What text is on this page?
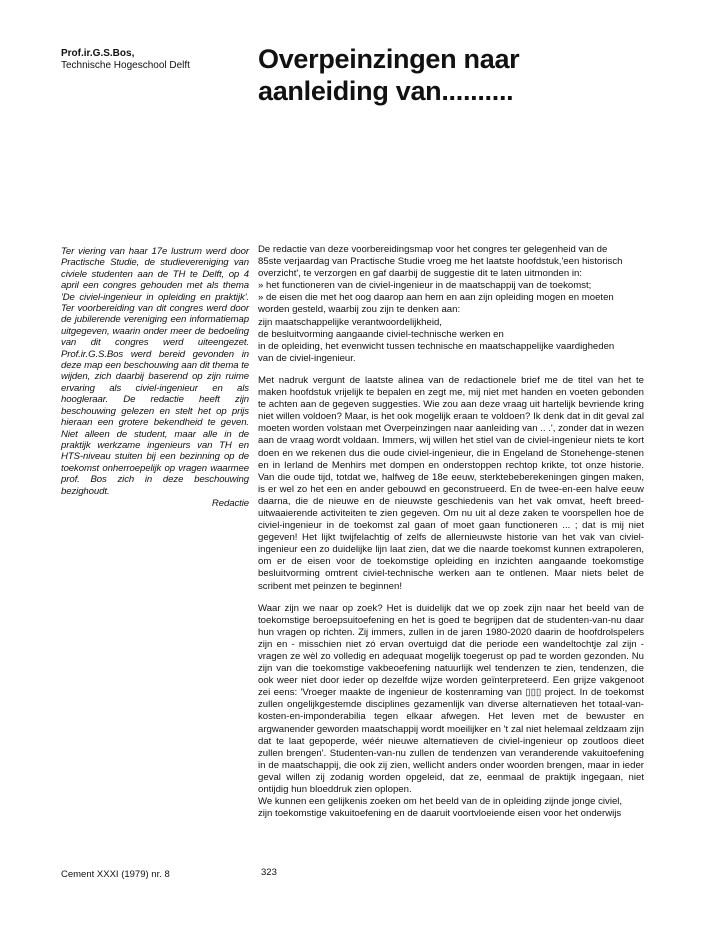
Prof.ir.G.S.Bos,
Technische Hogeschool Delft	Overpeinzingen naar
aanleiding van..........
Ter viering van haar 17e lustrum werd door Practische Studie, de studievereniging van civiele studenten aan de TH te Delft, op 4 april een congres gehouden met als thema 'De civiel-ingenieur in opleiding en praktijk'. Ter voorbereiding van dit congres werd door de jubilerende vereniging een informatiemap uitgegeven, waarin onder meer de bedoeling van dit congres werd uiteengezet. Prof.ir.G.S.Bos werd bereid gevonden in deze map een beschouwing aan dit thema te wijden, zich daarbij baserend op zijn ruime ervaring als civiel-ingenieur en als hoogleraar. De redactie heeft zijn beschouwing gelezen en stelt het op prijs hieraan een grotere bekendheid te geven. Niet alleen de student, maar alle in de praktijk werkzame ingenieurs van TH en HTS-niveau stuiten bij een bezinning op de toekomst onherroepelijk op vragen waarmee prof. Bos zich in deze beschouwing bezighoudt.
Redactie

De redactie van deze voorbereidingsmap voor het congres ter gelegenheid van de
85ste verjaardag van Practische Studie vroeg me het laatste hoofdstuk,'een historisch
overzicht', te verzorgen en gaf daarbij de suggestie dit te laten uitmonden in:
» het functioneren van de civiel-ingenieur in de maatschappij van de toekomst;
» de eisen die met het oog daarop aan hem en aan zijn opleiding mogen en moeten
worden gesteld, waarbij zou zijn te denken aan:
zijn maatschappelijke verantwoordelijkheid,
de besluitvorming aangaande civiel-technische werken en
in de opleiding, het evenwicht tussen technische en maatschappelijke vaardigheden
van de civiel-ingenieur.

Met nadruk vergunt de laatste alinea van de redactionele brief me de titel van het te maken hoofdstuk vrijelijk te bepalen en zegt me, mij niet met handen en voeten gebonden te achten aan de gegeven suggesties. Wie zou aan deze vraag uit hartelijk bevriende kring niet willen voldoen? Maar, is het ook mogelijk eraan te voldoen? Ik denk dat in dit geval zal moeten worden volstaan met Overpeinzingen naar aanleiding van .. .', zonder dat in wezen aan de vraag wordt voldaan. Immers, wij willen het stiel van de civiel-ingenieur niets te kort doen en we rekenen dus die oude civiel-ingenieur, die in Engeland de Stonehenge-stenen en in Ierland de Menhirs met dompen en onderstoppen rechtop krikte, tot onze historie. Van die oude tijd, totdat we, halfweg de 18e eeuw, sterktebeberekeningen gingen maken, is er wel zo het een en ander gebouwd en geconstrueerd. En de twee-en-een halve eeuw daarna, die de nieuwe en de nieuwste geschiedenis van het vak omvat, heeft breed-uitwaaierende activiteiten te zien gegeven. Om nu uit al deze zaken te voorspellen hoe de civiel-ingenieur in de toekomst zal gaan of moet gaan functioneren ... ; dat is mij niet gegeven! Het lijkt twijfelachtig of zelfs de allernieuwste historie van het vak van civiel-ingenieur een zo duidelijke lijn laat zien, dat we die naarde toekomst kunnen extrapoleren, om er de eisen voor de toekomstige opleiding en inzichten aangaande toekomstige besluitvorming omtrent civiel-technische werken aan te ontlenen. Maar niets belet de scribent met peinzen te beginnen!

Waar zijn we naar op zoek? Het is duidelijk dat we op zoek zijn naar het beeld van de toekomstige beroepsuitoefening en het is goed te begrijpen dat de studenten-van-nu daar hun vragen op richten. Zij immers, zullen in de jaren 1980-2020 daarin de hoofdrolspelers zijn en - misschien niet zó ervan overtuigd dat die periode een wandeltochtje zal zijn - vragen ze wèl zo volledig en adequaat mogelijk toegerust op pad te worden gezonden. Nu zijn van die toekomstige vakbeoefening natuurlijk wel tendenzen te zien, tendenzen, die ook weer niet door ieder op dezelfde wijze worden geïnterpreteerd. Een grijze vakgenoot zei eens: 'Vroeger maakte de ingenieur de kostenraming van ▯▯▯ project. In de toekomst zullen ongelijkgestemde disciplines gezamenlijk van diverse alternatieven het totaal-van-kosten-en-imponderabilia tegen elkaar afwegen. Het leven met de bewuster en argwanender geworden maatschappij wordt moeilijker en 't zal niet helemaal zeldzaam zijn dat te laat gepoperde, wéér nieuwe alternatieven de civiel-ingenieur op zoutloos dieet zullen brengen'. Studenten-van-nu zullen de tendenzen van veranderende vakuitoefening in de maatschappij, die ook zij zien, wellicht anders onder woorden brengen, maar in ieder geval willen zij zodanig worden opgeleid, dat ze, eenmaal de praktijk ingegaan, niet ontijdig hun bloeddruk zien oplopen.

We kunnen een gelijkenis zoeken om het beeld van de in opleiding zijnde jonge civiel,
zijn toekomstige vakuitoefening en de daaruit voortvloeiende eisen voor het onderwijs

Cement XXXI (1979) nr. 8	323
